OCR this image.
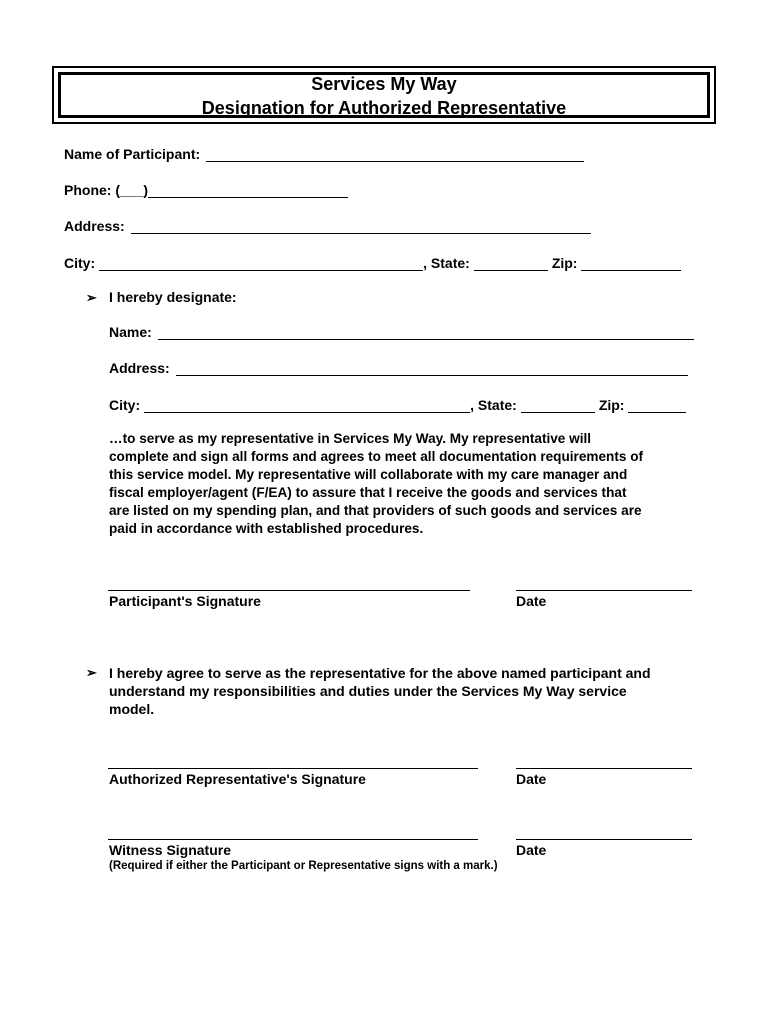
Services My Way
Designation for Authorized Representative
Name of Participant:
Phone: (___)
Address:
City:	, State:	Zip:
➢ I hereby designate:
Name:
Address:
City:	, State:	Zip:
…to serve as my representative in Services My Way. My representative will
complete and sign all forms and agrees to meet all documentation requirements of
this service model. My representative will collaborate with my care manager and
fiscal employer/agent (F/EA) to assure that I receive the goods and services that
are listed on my spending plan, and that providers of such goods and services are
paid in accordance with established procedures.
Participant's Signature	Date
➢ I hereby agree to serve as the representative for the above named participant and
understand my responsibilities and duties under the Services My Way service
model.
Authorized Representative's Signature	Date
Witness Signature	Date
(Required if either the Participant or Representative signs with a mark.)
